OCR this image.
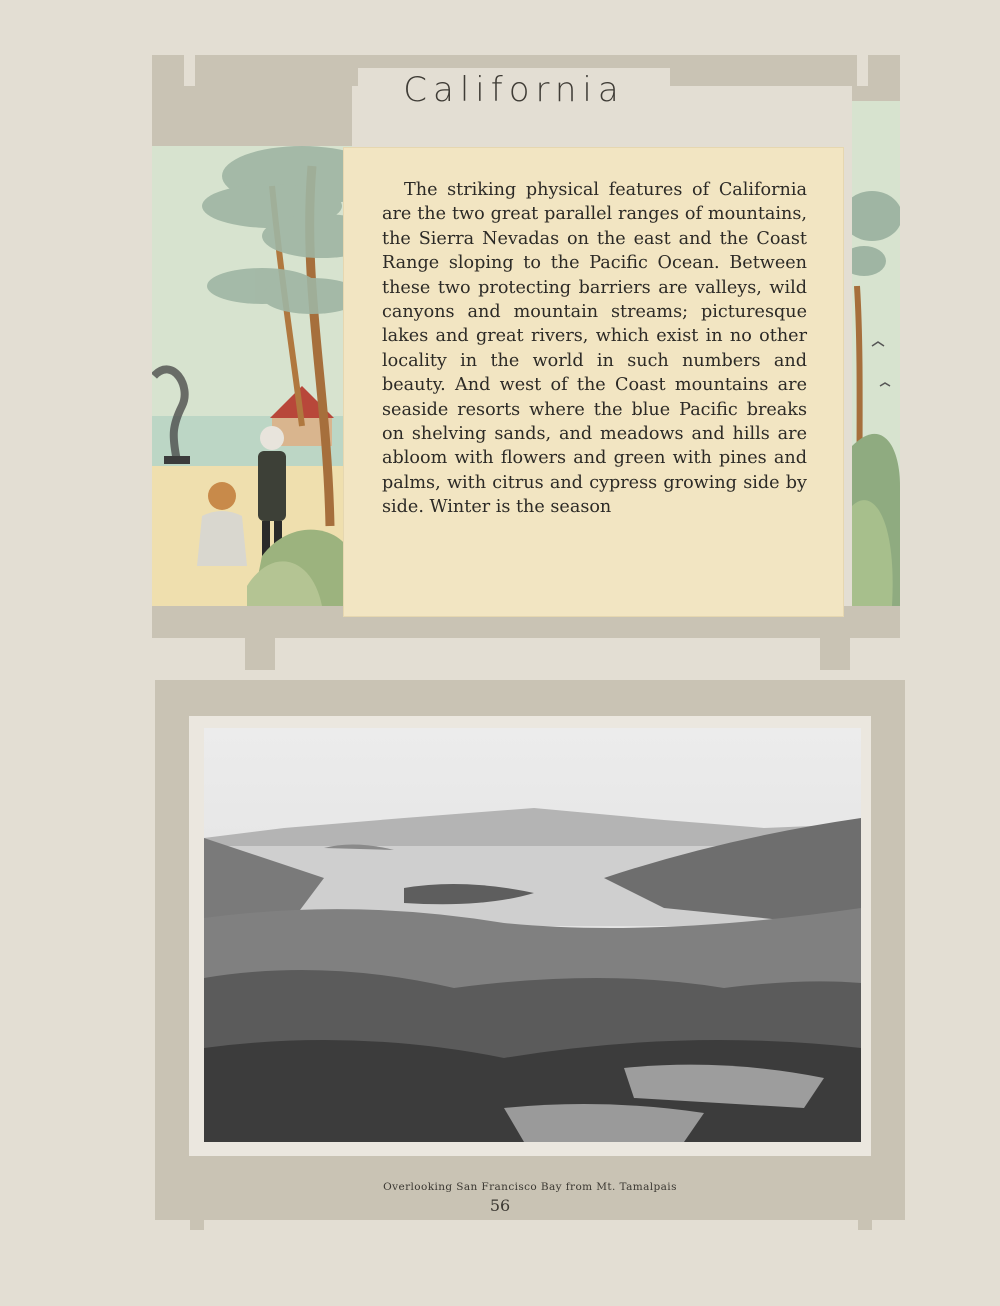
California

The striking physical features of California are the two great parallel ranges of mountains, the Sierra Nevadas on the east and the Coast Range sloping to the Pacific Ocean. Between these two protecting barriers are valleys, wild canyons and mountain streams; picturesque lakes and great rivers, which exist in no other locality in the world in such numbers and beauty. And west of the Coast mountains are seaside resorts where the blue Pacific breaks on shelving sands, and meadows and hills are abloom with flowers and green with pines and palms, with citrus and cypress growing side by side. Winter is the season

Overlooking San Francisco Bay from Mt. Tamalpais
56
